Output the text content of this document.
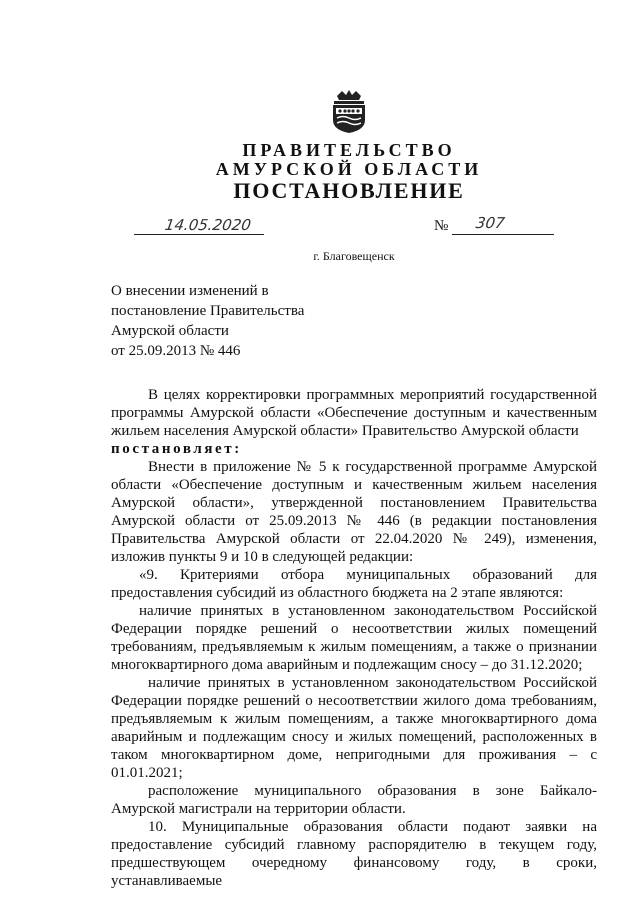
ПРАВИТЕЛЬСТВО
АМУРСКОЙ ОБЛАСТИ
ПОСТАНОВЛЕНИЕ
14.05.2020	№ 307
г. Благовещенск
О внесении изменений в
постановление Правительства
Амурской области
от 25.09.2013 № 446

В целях корректировки программных мероприятий государственной программы Амурской области «Обеспечение доступным и качественным жильем населения Амурской области» Правительство Амурской области

постановляет:

Внести в приложение № 5 к государственной программе Амурской области «Обеспечение доступным и качественным жильем населения Амурской области», утвержденной постановлением Правительства Амурской области от 25.09.2013 № 446 (в редакции постановления Правительства Амурской области от 22.04.2020 № 249), изменения, изложив пункты 9 и 10 в следующей редакции:

«9. Критериями отбора муниципальных образований для предоставления субсидий из областного бюджета на 2 этапе являются:

наличие принятых в установленном законодательством Российской Федерации порядке решений о несоответствии жилых помещений требованиям, предъявляемым к жилым помещениям, а также о признании многоквартирного дома аварийным и подлежащим сносу – до 31.12.2020;

наличие принятых в установленном законодательством Российской Федерации порядке решений о несоответствии жилого дома требованиям, предъявляемым к жилым помещениям, а также многоквартирного дома аварийным и подлежащим сносу и жилых помещений, расположенных в таком многоквартирном доме, непригодными для проживания – с 01.01.2021;

расположение муниципального образования в зоне Байкало-Амурской магистрали на территории области.

10. Муниципальные образования области подают заявки на предоставление субсидий главному распорядителю в текущем году, предшествующем очередному финансовому году, в сроки, устанавливаемые
